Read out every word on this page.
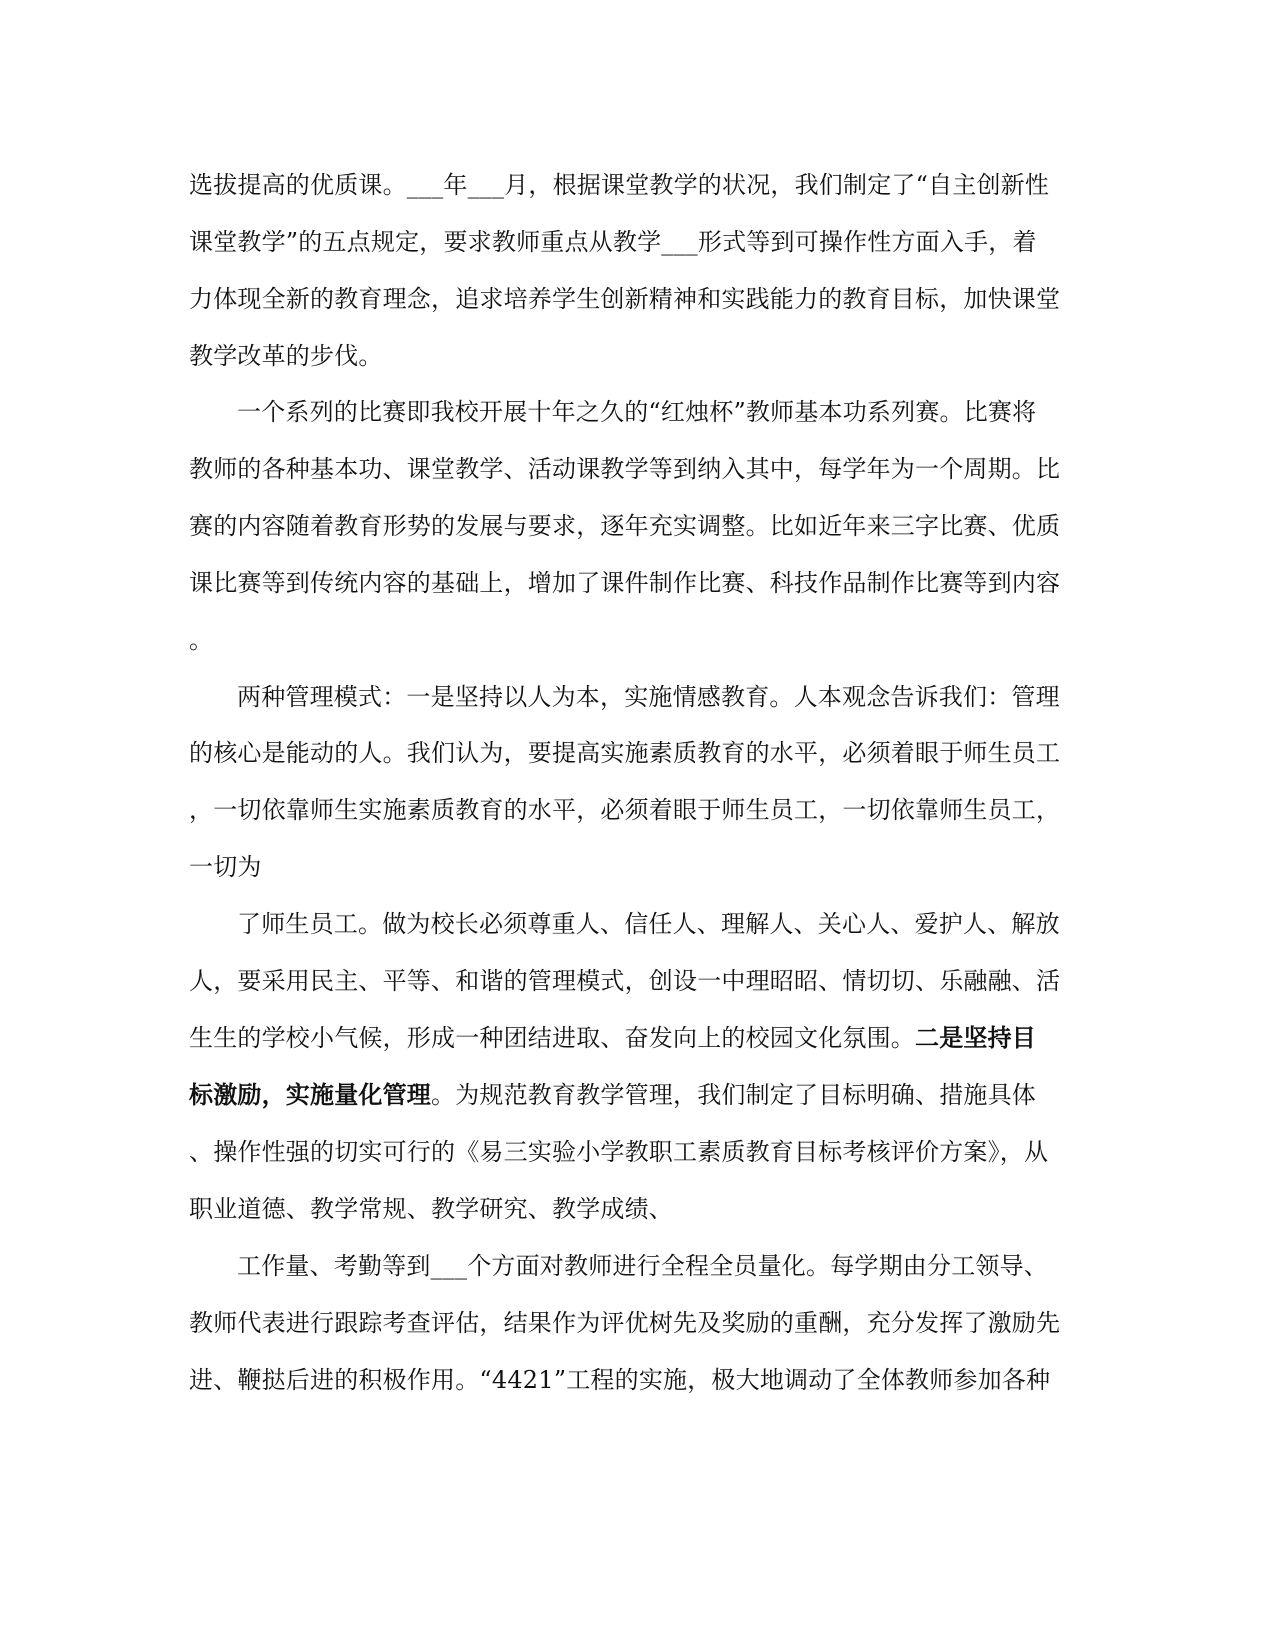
选拔提高的优质课。___年___月，根据课堂教学的状况，我们制定了“自主创新性
课堂教学”的五点规定，要求教师重点从教学___形式等到可操作性方面入手，着
力体现全新的教育理念，追求培养学生创新精神和实践能力的教育目标，加快课堂
教学改革的步伐。
一个系列的比赛即我校开展十年之久的“红烛杯”教师基本功系列赛。比赛将
教师的各种基本功、课堂教学、活动课教学等到纳入其中，每学年为一个周期。比
赛的内容随着教育形势的发展与要求，逐年充实调整。比如近年来三字比赛、优质
课比赛等到传统内容的基础上，增加了课件制作比赛、科技作品制作比赛等到内容
。
两种管理模式：一是坚持以人为本，实施情感教育。人本观念告诉我们：管理
的核心是能动的人。我们认为，要提高实施素质教育的水平，必须着眼于师生员工
，一切依靠师生实施素质教育的水平，必须着眼于师生员工，一切依靠师生员工，
一切为
了师生员工。做为校长必须尊重人、信任人、理解人、关心人、爱护人、解放
人，要采用民主、平等、和谐的管理模式，创设一中理昭昭、情切切、乐融融、活
生生的学校小气候，形成一种团结进取、奋发向上的校园文化氛围。二是坚持目
标激励，实施量化管理。为规范教育教学管理，我们制定了目标明确、措施具体
、操作性强的切实可行的《易三实验小学教职工素质教育目标考核评价方案》，从
职业道德、教学常规、教学研究、教学成绩、
工作量、考勤等到___个方面对教师进行全程全员量化。每学期由分工领导、
教师代表进行跟踪考查评估，结果作为评优树先及奖励的重酬，充分发挥了激励先
进、鞭挞后进的积极作用。“4421”工程的实施，极大地调动了全体教师参加各种
